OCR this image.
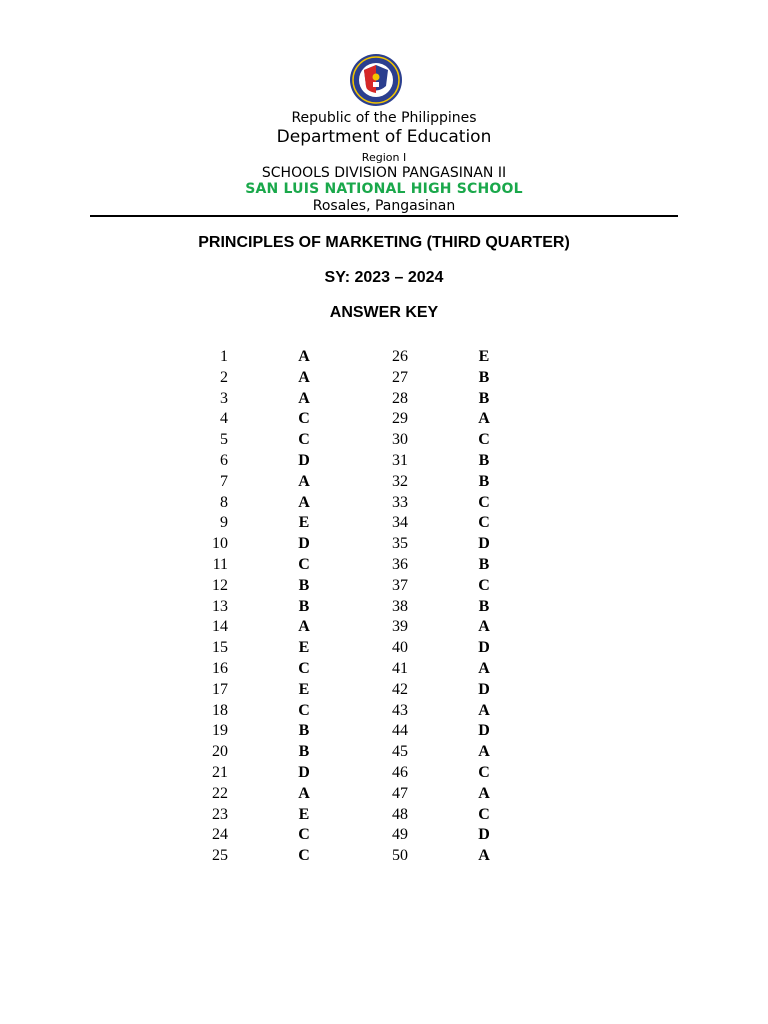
Republic of the Philippines
Department of Education
Region I
SCHOOLS DIVISION PANGASINAN II
SAN LUIS NATIONAL HIGH SCHOOL
Rosales, Pangasinan
PRINCIPLES OF MARKETING (THIRD QUARTER)
SY: 2023 – 2024
ANSWER KEY
1	A	26	E
2	A	27	B
3	A	28	B
4	C	29	A
5	C	30	C
6	D	31	B
7	A	32	B
8	A	33	C
9	E	34	C
10	D	35	D
11	C	36	B
12	B	37	C
13	B	38	B
14	A	39	A
15	E	40	D
16	C	41	A
17	E	42	D
18	C	43	A
19	B	44	D
20	B	45	A
21	D	46	C
22	A	47	A
23	E	48	C
24	C	49	D
25	C	50	A
